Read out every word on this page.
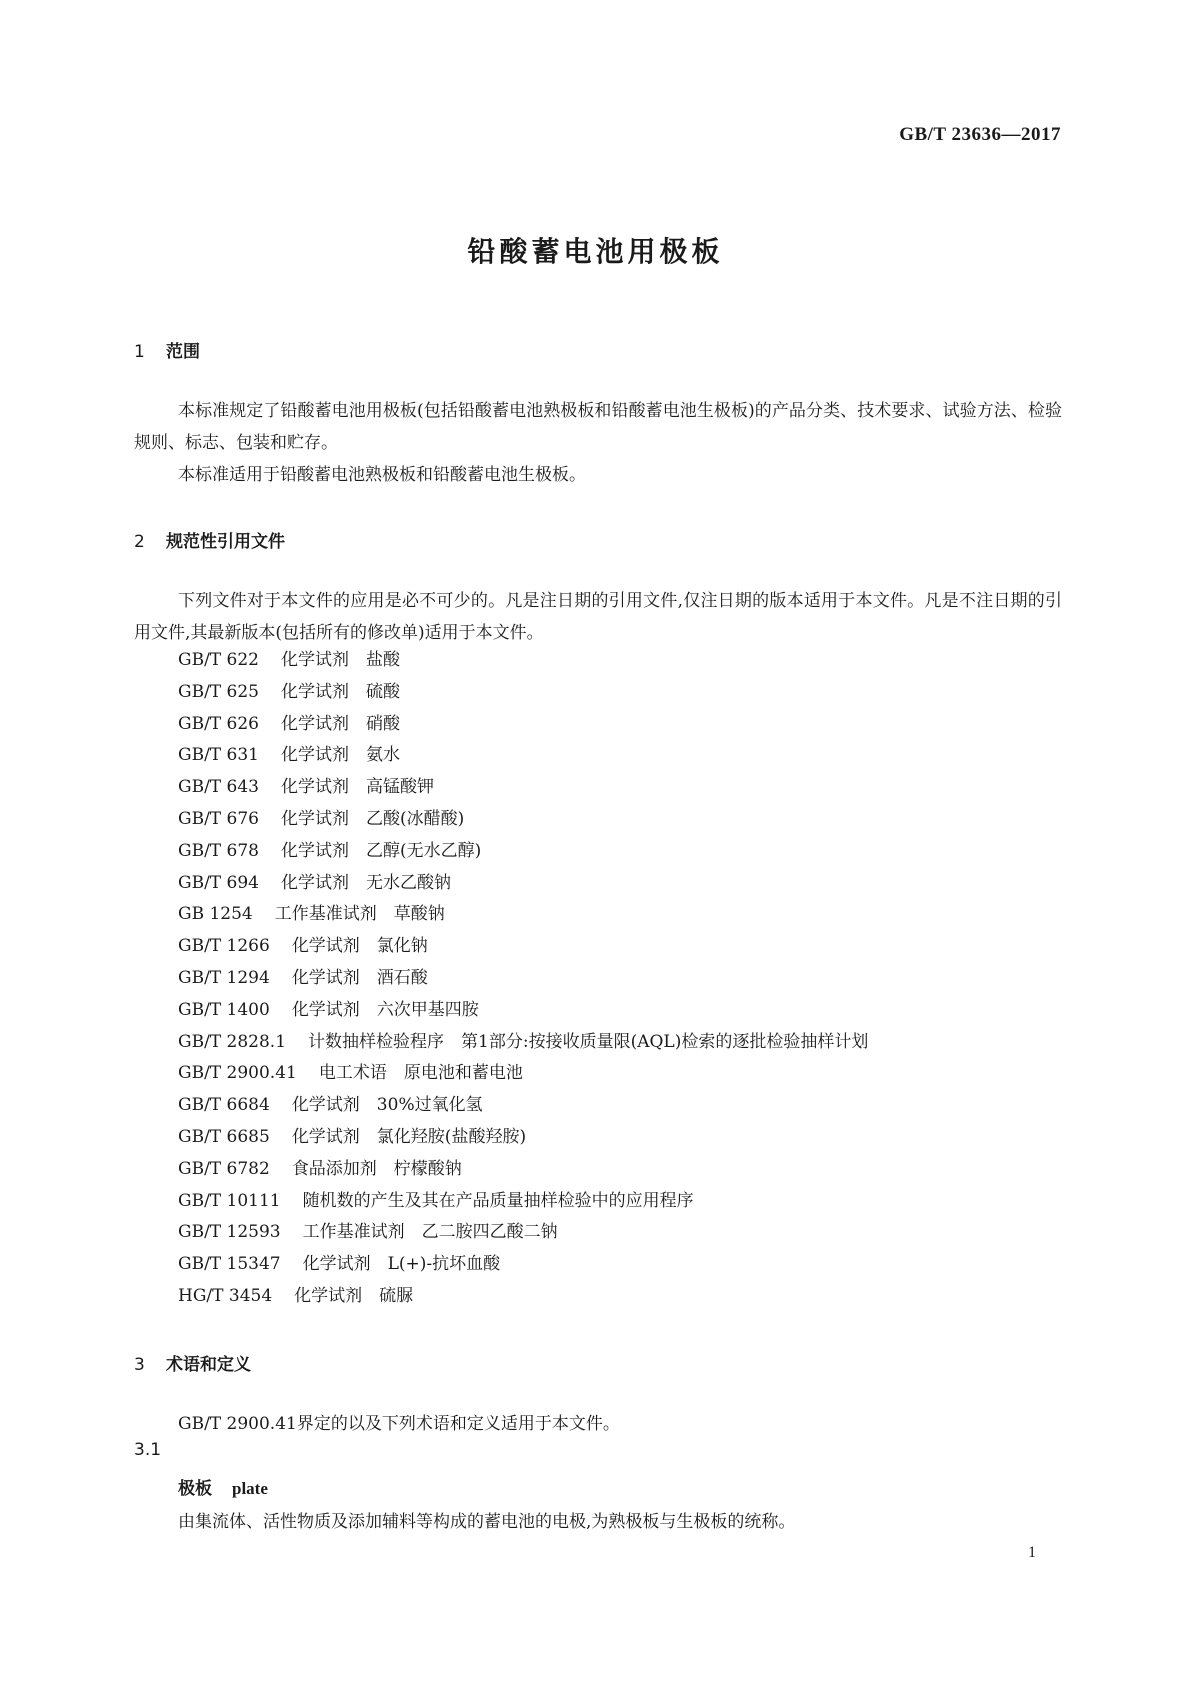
GB/T 23636—2017
铅酸蓄电池用极板
1 范围

本标准规定了铅酸蓄电池用极板(包括铅酸蓄电池熟极板和铅酸蓄电池生极板)的产品分类、技术要求、试验方法、检验规则、标志、包装和贮存。

本标准适用于铅酸蓄电池熟极板和铅酸蓄电池生极板。

2 规范性引用文件

下列文件对于本文件的应用是必不可少的。凡是注日期的引用文件,仅注日期的版本适用于本文件。凡是不注日期的引用文件,其最新版本(包括所有的修改单)适用于本文件。

GB/T 622 化学试剂　盐酸
GB/T 625 化学试剂　硫酸
GB/T 626 化学试剂　硝酸
GB/T 631 化学试剂　氨水
GB/T 643 化学试剂　高锰酸钾
GB/T 676 化学试剂　乙酸(冰醋酸)
GB/T 678 化学试剂　乙醇(无水乙醇)
GB/T 694 化学试剂　无水乙酸钠
GB 1254 工作基准试剂　草酸钠
GB/T 1266 化学试剂　氯化钠
GB/T 1294 化学试剂　酒石酸
GB/T 1400 化学试剂　六次甲基四胺
GB/T 2828.1 计数抽样检验程序　第1部分:按接收质量限(AQL)检索的逐批检验抽样计划
GB/T 2900.41 电工术语　原电池和蓄电池
GB/T 6684 化学试剂　30%过氧化氢
GB/T 6685 化学试剂　氯化羟胺(盐酸羟胺)
GB/T 6782 食品添加剂　柠檬酸钠
GB/T 10111 随机数的产生及其在产品质量抽样检验中的应用程序
GB/T 12593 工作基准试剂　乙二胺四乙酸二钠
GB/T 15347 化学试剂　L(+)-抗坏血酸
HG/T 3454 化学试剂　硫脲
3 术语和定义

GB/T 2900.41界定的以及下列术语和定义适用于本文件。

3.1
极板 plate
由集流体、活性物质及添加辅料等构成的蓄电池的电极,为熟极板与生极板的统称。
1
